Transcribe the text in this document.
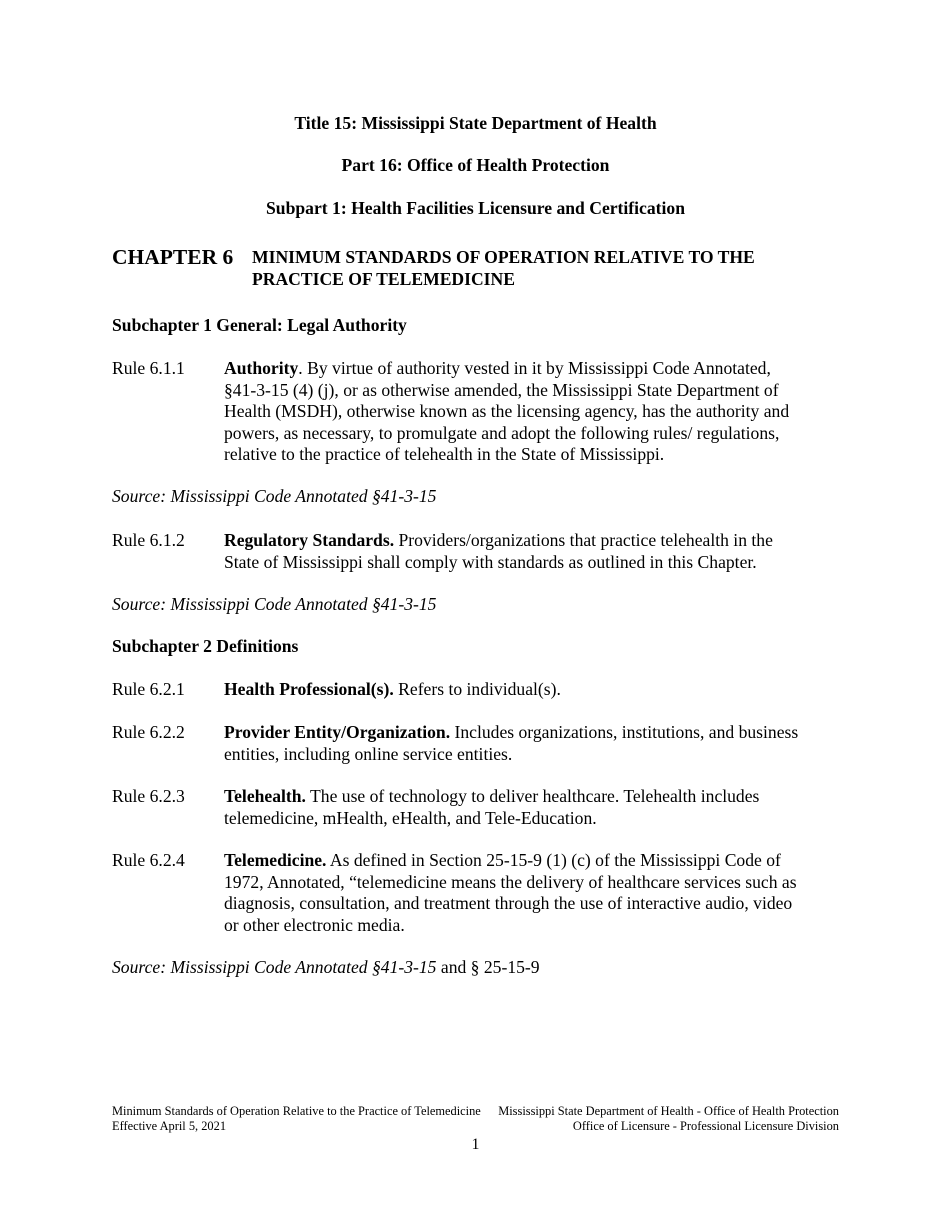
Title 15: Mississippi State Department of Health
Part 16: Office of Health Protection
Subpart 1: Health Facilities Licensure and Certification
CHAPTER 6 MINIMUM STANDARDS OF OPERATION RELATIVE TO THE
PRACTICE OF TELEMEDICINE
Subchapter 1 General: Legal Authority
Rule 6.1.1 Authority. By virtue of authority vested in it by Mississippi Code Annotated,
§41-3-15 (4) (j), or as otherwise amended, the Mississippi State Department of
Health (MSDH), otherwise known as the licensing agency, has the authority and
powers, as necessary, to promulgate and adopt the following rules/ regulations,
relative to the practice of telehealth in the State of Mississippi.
Source: Mississippi Code Annotated §41-3-15
Rule 6.1.2 Regulatory Standards. Providers/organizations that practice telehealth in the
State of Mississippi shall comply with standards as outlined in this Chapter.
Source: Mississippi Code Annotated §41-3-15
Subchapter 2 Definitions
Rule 6.2.1 Health Professional(s). Refers to individual(s).
Rule 6.2.2 Provider Entity/Organization. Includes organizations, institutions, and business
entities, including online service entities.
Rule 6.2.3 Telehealth. The use of technology to deliver healthcare. Telehealth includes
telemedicine, mHealth, eHealth, and Tele-Education.
Rule 6.2.4 Telemedicine. As defined in Section 25-15-9 (1) (c) of the Mississippi Code of
1972, Annotated, “telemedicine means the delivery of healthcare services such as
diagnosis, consultation, and treatment through the use of interactive audio, video
or other electronic media.
Source: Mississippi Code Annotated §41-3-15 and § 25-15-9
Minimum Standards of Operation Relative to the Practice of Telemedicine
Effective April 5, 2021
Mississippi State Department of Health - Office of Health Protection
Office of Licensure - Professional Licensure Division
1
